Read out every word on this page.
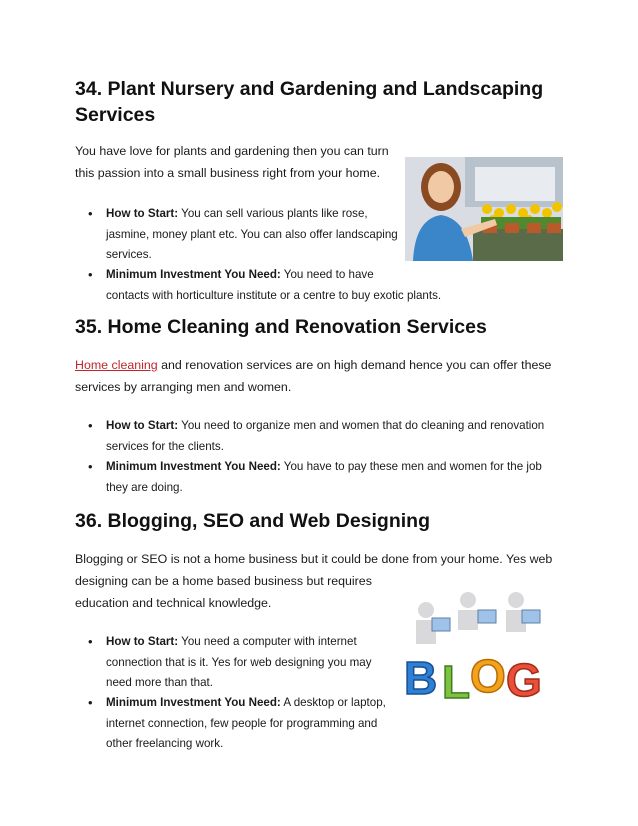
34. Plant Nursery and Gardening and Landscaping
Services
You have love for plants and gardening then you can turn
this passion into a small business right from your home.
• How to Start: You can sell various plants like rose,
jasmine, money plant etc. You can also offer landscaping
services.
• Minimum Investment You Need: You need to have
contacts with horticulture institute or a centre to buy exotic plants.
35. Home Cleaning and Renovation Services
Home cleaning and renovation services are on high demand hence you can offer these
services by arranging men and women.
• How to Start: You need to organize men and women that do cleaning and renovation
services for the clients.
• Minimum Investment You Need: You have to pay these men and women for the job
they are doing.
36. Blogging, SEO and Web Designing
Blogging or SEO is not a home business but it could be done from your home. Yes web
designing can be a home based business but requires
education and technical knowledge.
• How to Start: You need a computer with internet
connection that is it. Yes for web designing you may
need more than that.
• Minimum Investment You Need: A desktop or laptop,
internet connection, few people for programming and
other freelancing work.
B L O G
